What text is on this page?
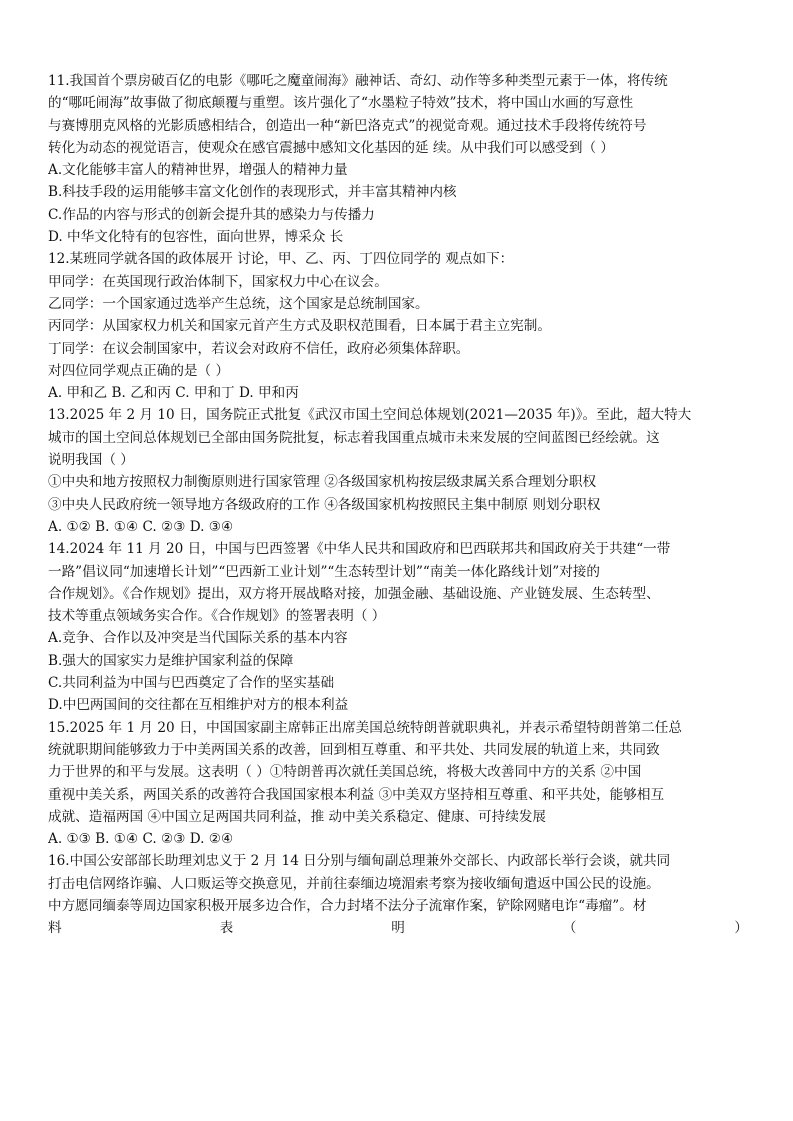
11.我国首个票房破百亿的电影《哪吒之魔童闹海》融神话、奇幻、动作等多种类型元素于一体，将传统
的“哪吒闹海”故事做了彻底颠覆与重塑。该片强化了“水墨粒子特效”技术，将中国山水画的写意性
与赛博朋克风格的光影质感相结合，创造出一种“新巴洛克式”的视觉奇观。通过技术手段将传统符号
转化为动态的视觉语言，使观众在感官震撼中感知文化基因的延 续。从中我们可以感受到（ ）
A.文化能够丰富人的精神世界，增强人的精神力量
B.科技手段的运用能够丰富文化创作的表现形式，并丰富其精神内核
C.作品的内容与形式的创新会提升其的感染力与传播力
D. 中华文化特有的包容性，面向世界，博采众 长
12.某班同学就各国的政体展开 讨论，甲、乙、丙、丁四位同学的 观点如下：
甲同学：在英国现行政治体制下，国家权力中心在议会。
乙同学：一个国家通过选举产生总统，这个国家是总统制国家。
丙同学：从国家权力机关和国家元首产生方式及职权范围看，日本属于君主立宪制。
丁同学：在议会制国家中，若议会对政府不信任，政府必须集体辞职。
对四位同学观点正确的是（ ）
A. 甲和乙 B. 乙和丙 C. 甲和丁 D. 甲和丙
13.2025 年 2 月 10 日，国务院正式批复《武汉市国土空间总体规划(2021—2035 年)》。至此，超大特大
城市的国土空间总体规划已全部由国务院批复，标志着我国重点城市未来发展的空间蓝图已经绘就。这
说明我国（ ）
①中央和地方按照权力制衡原则进行国家管理 ②各级国家机构按层级隶属关系合理划分职权
③中央人民政府统一领导地方各级政府的工作 ④各级国家机构按照民主集中制原 则划分职权
A. ①② B. ①④ C. ②③ D. ③④
14.2024 年 11 月 20 日，中国与巴西签署《中华人民共和国政府和巴西联邦共和国政府关于共建“一带
一路”倡议同“加速增长计划”“巴西新工业计划”“生态转型计划”“南美一体化路线计划”对接的
合作规划》。《合作规划》提出，双方将开展战略对接，加强金融、基础设施、产业链发展、生态转型、
技术等重点领域务实合作。《合作规划》的签署表明（ ）
A.竞争、合作以及冲突是当代国际关系的基本内容
B.强大的国家实力是维护国家利益的保障
C.共同利益为中国与巴西奠定了合作的坚实基础
D.中巴两国间的交往都在互相维护对方的根本利益
15.2025 年 1 月 20 日，中国国家副主席韩正出席美国总统特朗普就职典礼，并表示希望特朗普第二任总
统就职期间能够致力于中美两国关系的改善，回到相互尊重、和平共处、共同发展的轨道上来，共同致
力于世界的和平与发展。这表明（ ）①特朗普再次就任美国总统，将极大改善同中方的关系 ②中国
重视中美关系，两国关系的改善符合我国国家根本利益 ③中美双方坚持相互尊重、和平共处，能够相互
成就、造福两国 ④中国立足两国共同利益，推 动中美关系稳定、健康、可持续发展
A. ①③ B. ①④ C. ②③ D. ②④
16.中国公安部部长助理刘忠义于 2 月 14 日分别与缅甸副总理兼外交部长、内政部长举行会谈，就共同
打击电信网络诈骗、人口贩运等交换意见，并前往泰缅边境湄索考察为接收缅甸遣返中国公民的设施。
中方愿同缅泰等周边国家积极开展多边合作，合力封堵不法分子流窜作案，铲除网赌电诈“毒瘤”。材
料	表	明	（	）
